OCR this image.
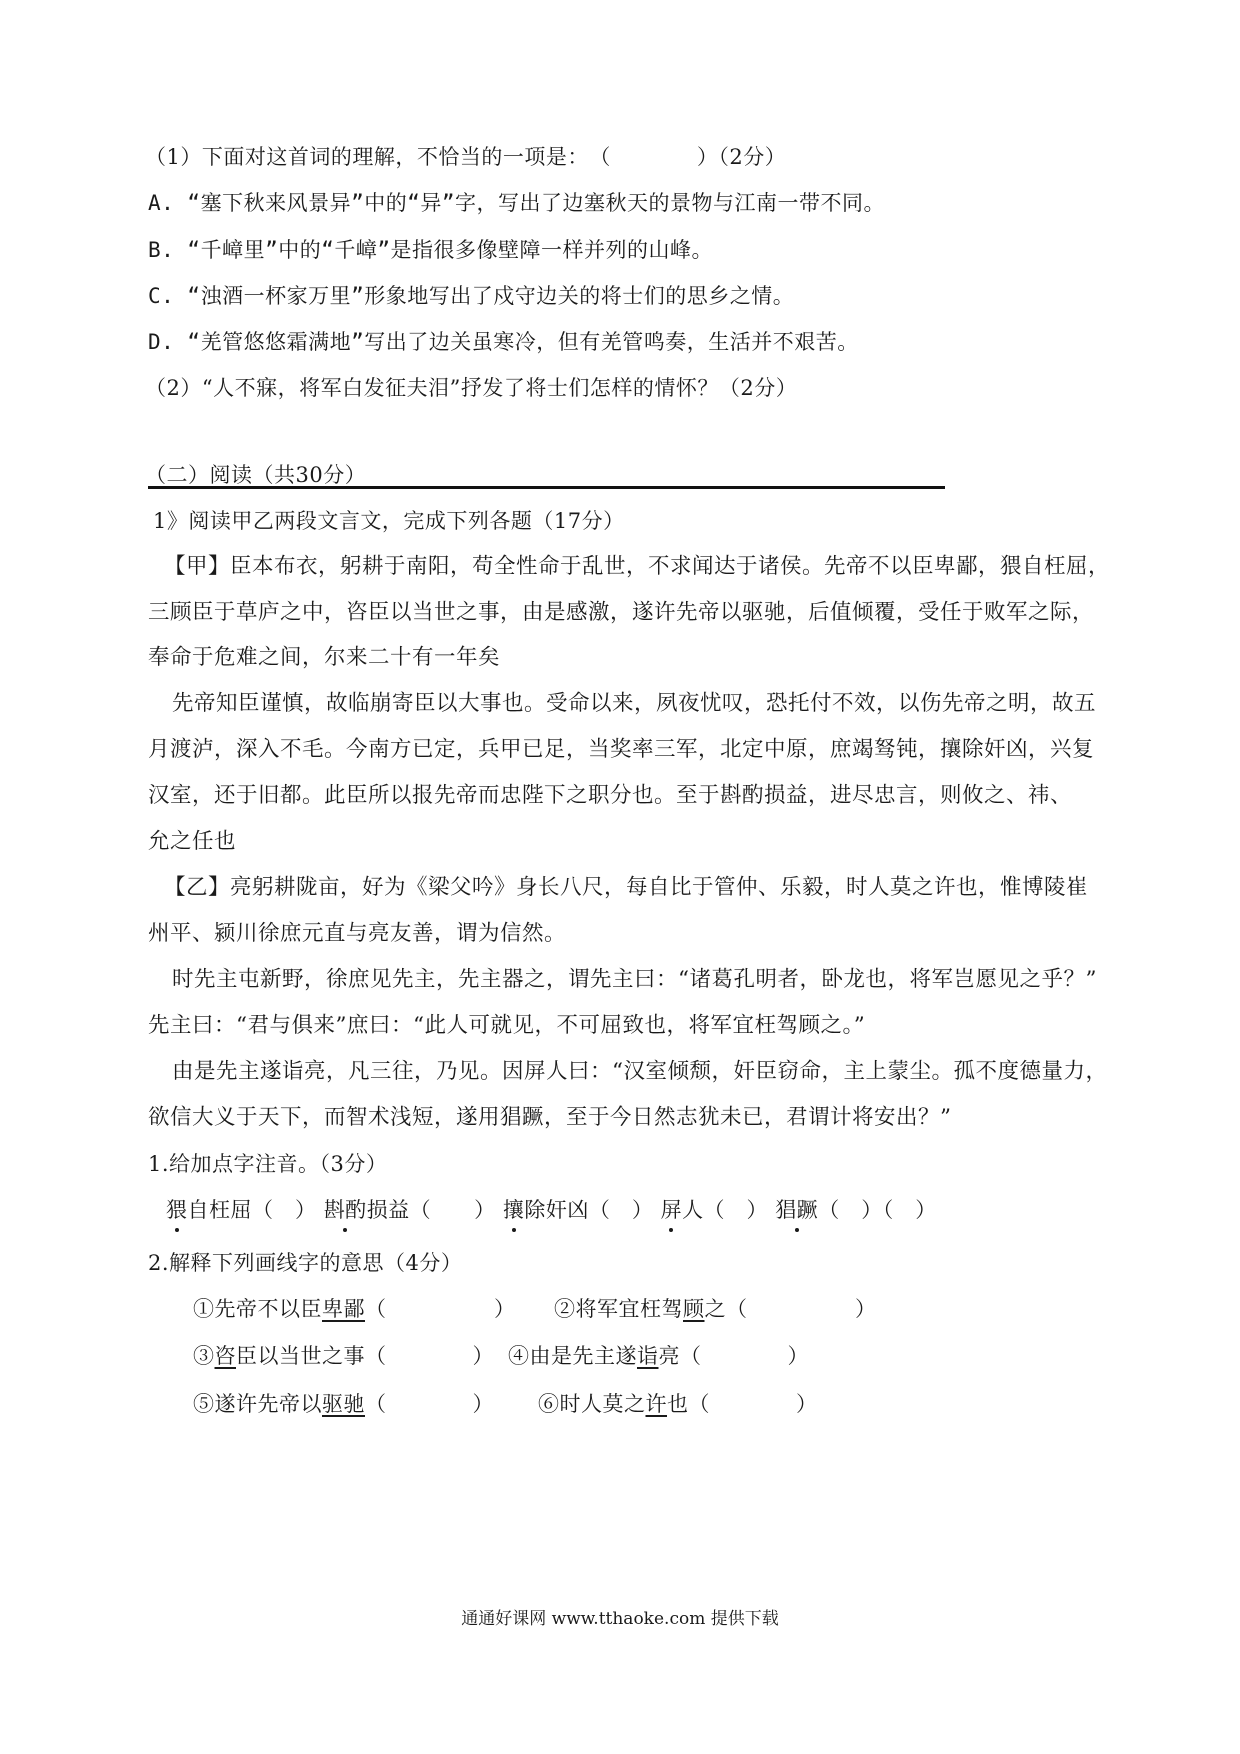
（1）下面对这首词的理解，不恰当的一项是：　（　　　　）（2分）
A. “塞下秋来风景异”中的“异”字，写出了边塞秋天的景物与江南一带不同。
B. “千嶂里”中的“千嶂”是指很多像壁障一样并列的山峰。
C. “浊酒一杯家万里”形象地写出了戍守边关的将士们的思乡之情。
D. “羌管悠悠霜满地”写出了边关虽寒冷，但有羌管鸣奏，生活并不艰苦。
（2）“人不寐，将军白发征夫泪”抒发了将士们怎样的情怀？（2分）
（二）阅读（共30分）
1》阅读甲乙两段文言文，完成下列各题（17分）
【甲】臣本布衣，躬耕于南阳，苟全性命于乱世，不求闻达于诸侯。先帝不以臣卑鄙，猥自枉屈，
三顾臣于草庐之中，咨臣以当世之事，由是感激，遂许先帝以驱驰，后值倾覆，受任于败军之际，
奉命于危难之间，尔来二十有一年矣
先帝知臣谨慎，故临崩寄臣以大事也。受命以来，夙夜忧叹，恐托付不效，以伤先帝之明，故五
月渡泸，深入不毛。今南方已定，兵甲已足，当奖率三军，北定中原，庶竭驽钝，攘除奸凶，兴复
汉室，还于旧都。此臣所以报先帝而忠陛下之职分也。至于斟酌损益，进尽忠言，则攸之、祎、
允之任也
【乙】亮躬耕陇亩，好为《梁父吟》身长八尺，每自比于管仲、乐毅，时人莫之许也，惟博陵崔
州平、颍川徐庶元直与亮友善，谓为信然。
时先主屯新野，徐庶见先主，先主器之，谓先主曰：“诸葛孔明者，卧龙也，将军岂愿见之乎？”
先主曰：“君与俱来”庶曰：“此人可就见，不可屈致也，将军宜枉驾顾之。”
由是先主遂诣亮，凡三往，乃见。因屏人曰：“汉室倾颓，奸臣窃命，主上蒙尘。孤不度德量力，
欲信大义于天下，而智术浅短，遂用猖蹶，至于今日然志犹未已，君谓计将安出？”
1.给加点字注音。（3分）
猥自枉屈（　） 斟酌损益（　　） 攘除奸凶（　） 屏人（　） 猖蹶（　）（　）
2.解释下列画线字的意思（4分）
①先帝不以臣卑鄙（　　　　　） ②将军宜枉驾顾之（　　　　　）
③咨臣以当世之事（　　　　） ④由是先主遂诣亮（　　　　）
⑤遂许先帝以驱驰（　　　　） ⑥时人莫之许也（　　　　）
通通好课网 www.tthaoke.com 提供下载
